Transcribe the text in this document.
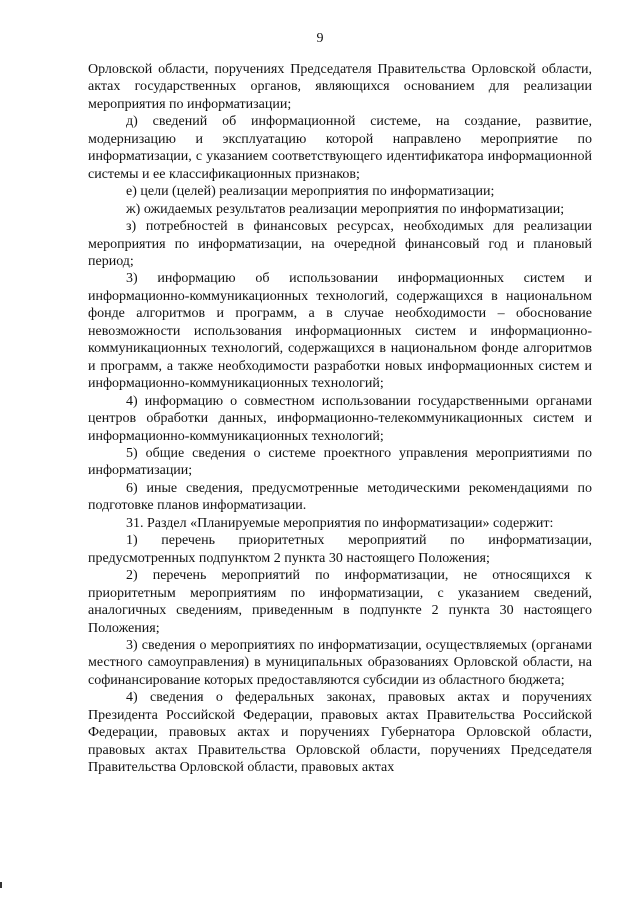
9

Орловской области, поручениях Председателя Правительства Орловской области, актах государственных органов, являющихся основанием для реализации мероприятия по информатизации;

д) сведений об информационной системе, на создание, развитие, модернизацию и эксплуатацию которой направлено мероприятие по информатизации, с указанием соответствующего идентификатора информационной системы и ее классификационных признаков;

е) цели (целей) реализации мероприятия по информатизации;

ж) ожидаемых результатов реализации мероприятия по информатизации;

з) потребностей в финансовых ресурсах, необходимых для реализации мероприятия по информатизации, на очередной финансовый год и плановый период;

3) информацию об использовании информационных систем и информационно-коммуникационных технологий, содержащихся в национальном фонде алгоритмов и программ, а в случае необходимости – обоснование невозможности использования информационных систем и информационно-коммуникационных технологий, содержащихся в национальном фонде алгоритмов и программ, а также необходимости разработки новых информационных систем и информационно-коммуникационных технологий;

4) информацию о совместном использовании государственными органами центров обработки данных, информационно-телекоммуникационных систем и информационно-коммуникационных технологий;

5) общие сведения о системе проектного управления мероприятиями по информатизации;

6) иные сведения, предусмотренные методическими рекомендациями по подготовке планов информатизации.

31. Раздел «Планируемые мероприятия по информатизации» содержит:

1) перечень приоритетных мероприятий по информатизации, предусмотренных подпунктом 2 пункта 30 настоящего Положения;

2) перечень мероприятий по информатизации, не относящихся к приоритетным мероприятиям по информатизации, с указанием сведений, аналогичных сведениям, приведенным в подпункте 2 пункта 30 настоящего Положения;

3) сведения о мероприятиях по информатизации, осуществляемых (органами местного самоуправления) в муниципальных образованиях Орловской области, на софинансирование которых предоставляются субсидии из областного бюджета;

4) сведения о федеральных законах, правовых актах и поручениях Президента Российской Федерации, правовых актах Правительства Российской Федерации, правовых актах и поручениях Губернатора Орловской области, правовых актах Правительства Орловской области, поручениях Председателя Правительства Орловской области, правовых актах
